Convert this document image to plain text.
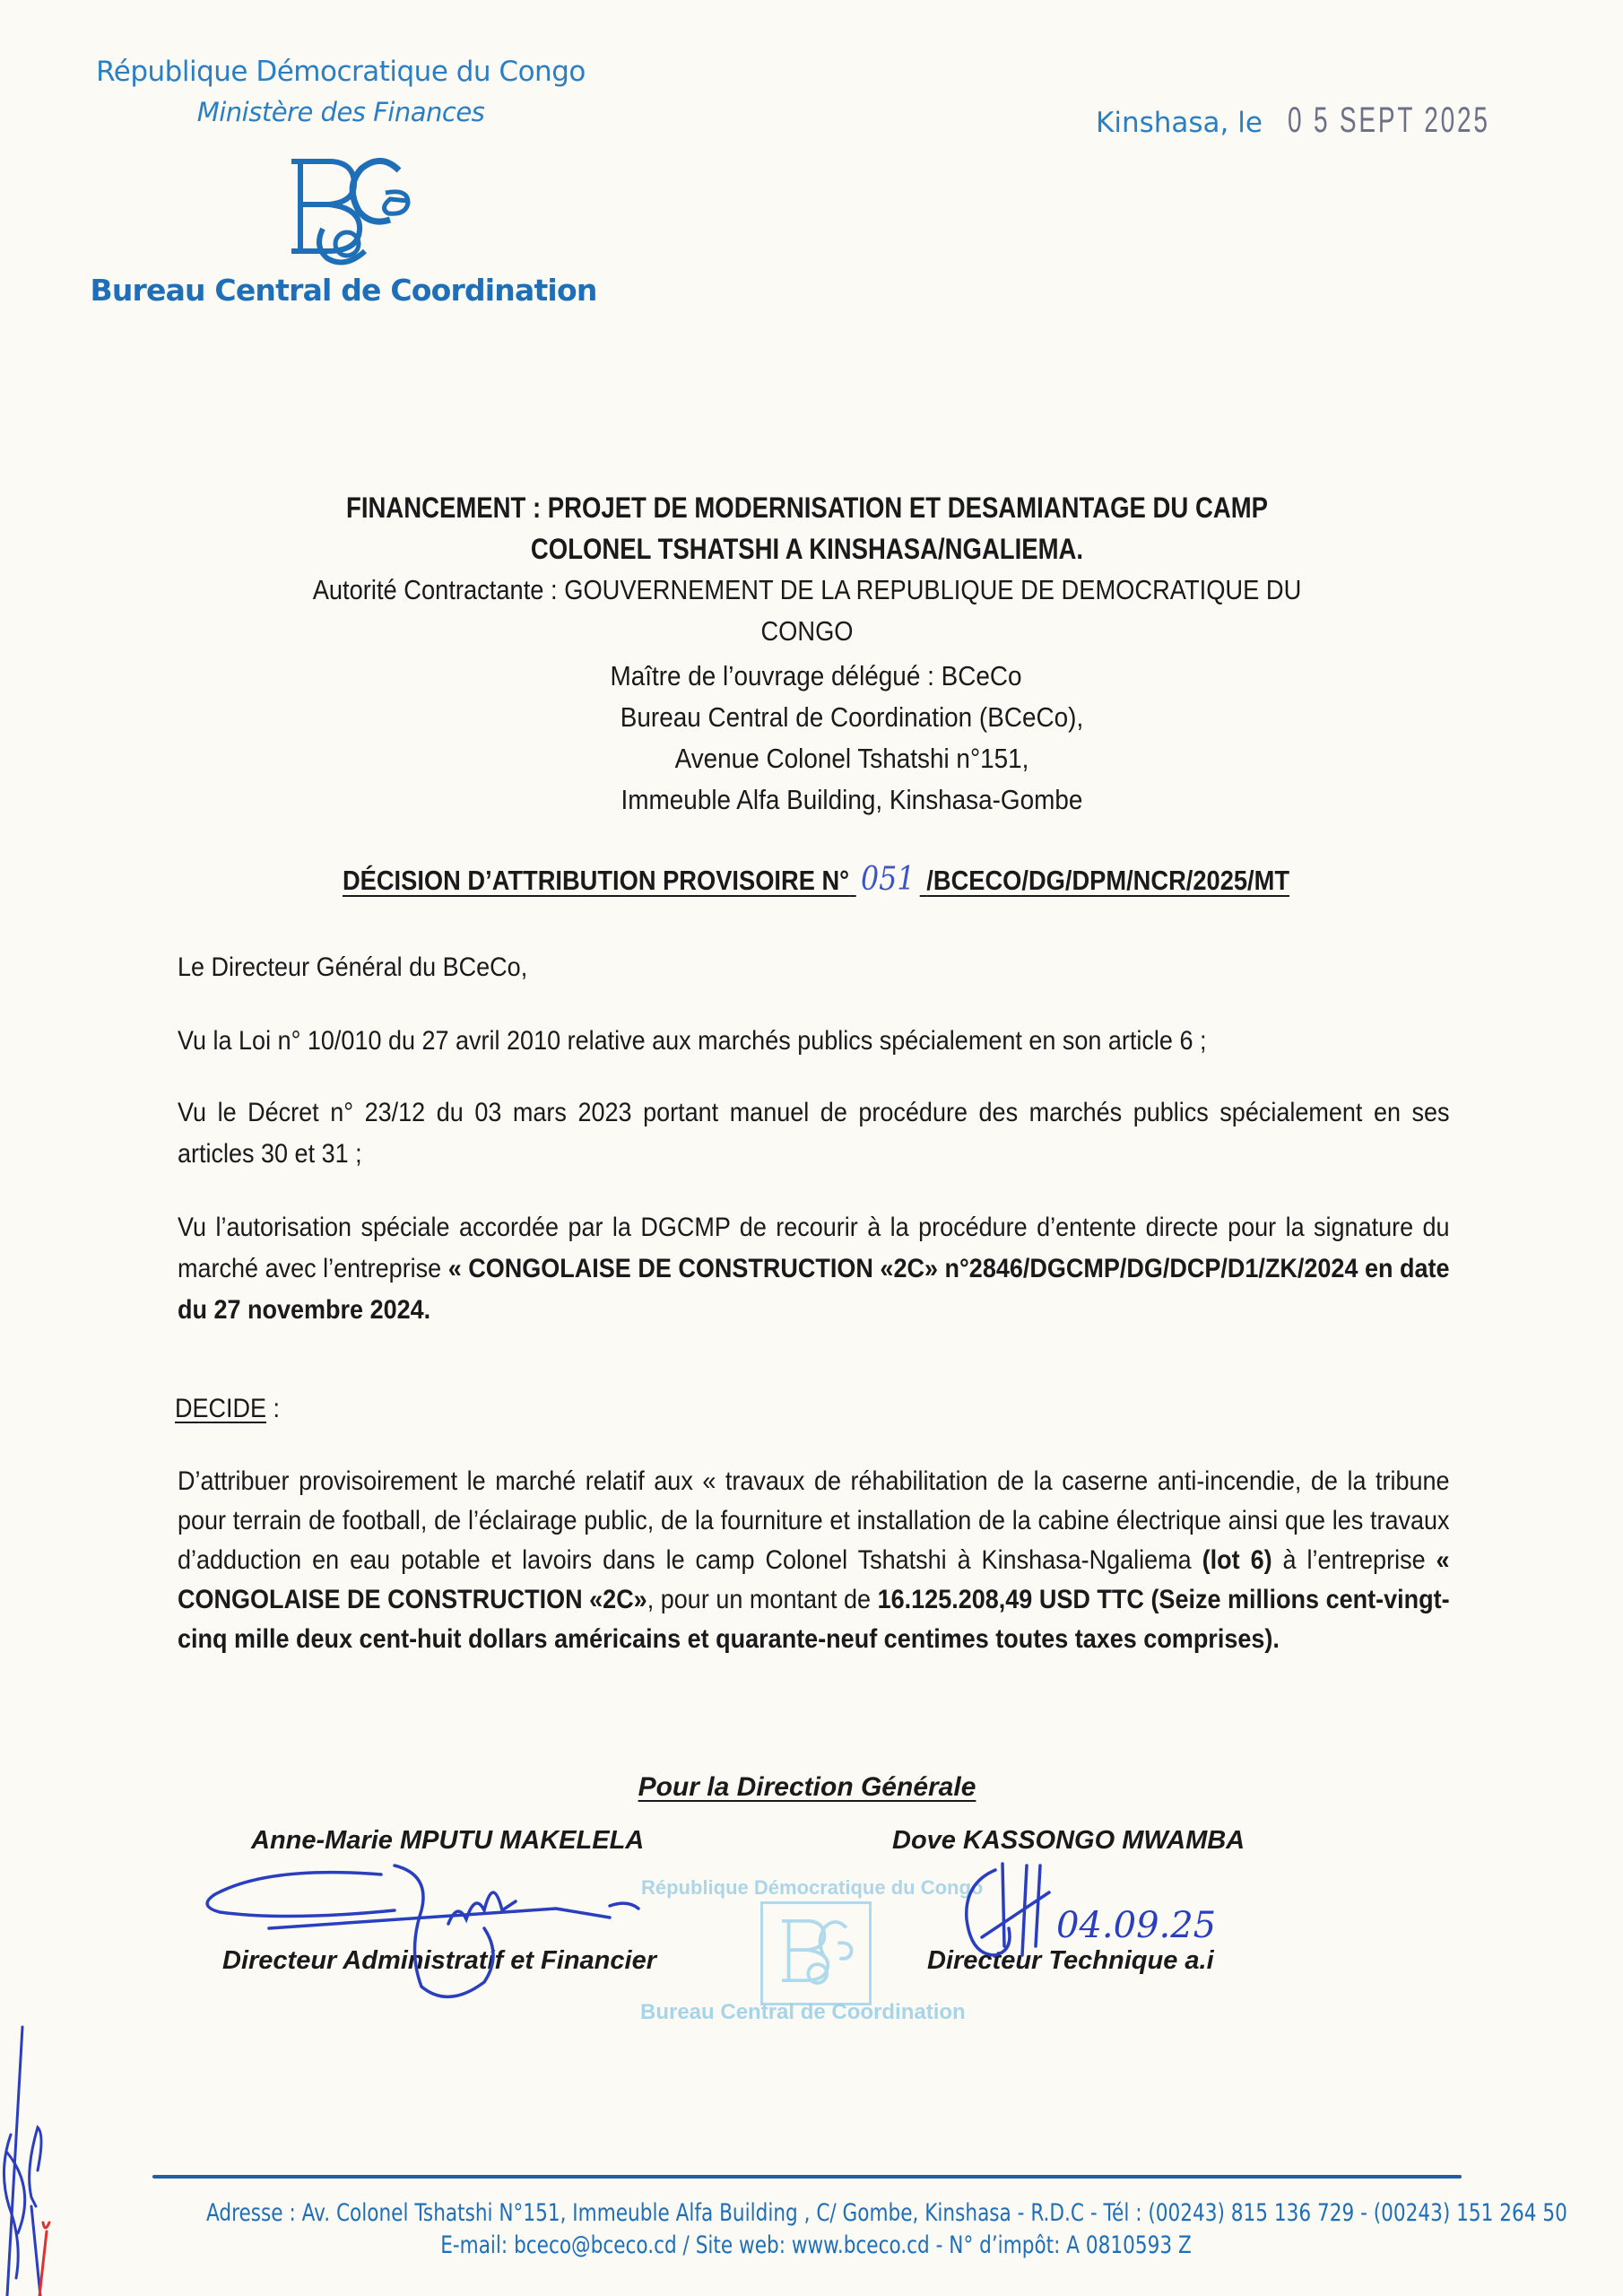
République Démocratique du Congo
Ministère des Finances
Bureau Central de Coordination
Kinshasa, le 0 5 SEPT 2025
FINANCEMENT : PROJET DE MODERNISATION ET DESAMIANTAGE DU CAMP
COLONEL TSHATSHI A KINSHASA/NGALIEMA.
Autorité Contractante : GOUVERNEMENT DE LA REPUBLIQUE DE DEMOCRATIQUE DU
CONGO
Maître de l’ouvrage délégué : BCeCo
Bureau Central de Coordination (BCeCo),
Avenue Colonel Tshatshi n°151,
Immeuble Alfa Building, Kinshasa-Gombe
DÉCISION D’ATTRIBUTION PROVISOIRE N° 051 /BCECO/DG/DPM/NCR/2025/MT
Le Directeur Général du BCeCo,
Vu la Loi n° 10/010 du 27 avril 2010 relative aux marchés publics spécialement en son article 6 ;
Vu le Décret n° 23/12 du 03 mars 2023 portant manuel de procédure des marchés publics spécialement en ses articles 30 et 31 ;
Vu l’autorisation spéciale accordée par la DGCMP de recourir à la procédure d’entente directe pour la signature du marché avec l’entreprise « CONGOLAISE DE CONSTRUCTION «2C» n°2846/DGCMP/DG/DCP/D1/ZK/2024 en date du 27 novembre 2024.
DECIDE :
D’attribuer provisoirement le marché relatif aux « travaux de réhabilitation de la caserne anti-incendie, de la tribune pour terrain de football, de l’éclairage public, de la fourniture et installation de la cabine électrique ainsi que les travaux d’adduction en eau potable et lavoirs dans le camp Colonel Tshatshi à Kinshasa-Ngaliema (lot 6) à l’entreprise « CONGOLAISE DE CONSTRUCTION «2C», pour un montant de 16.125.208,49 USD TTC (Seize millions cent-vingt-cinq mille deux cent-huit dollars américains et quarante-neuf centimes toutes taxes comprises).
Pour la Direction Générale
Anne-Marie MPUTU MAKELELA	Dove KASSONGO MWAMBA
Directeur Administratif et Financier	Directeur Technique a.i
République Démocratique du Congo
Bureau Central de Coordination
04.09.25
Adresse : Av. Colonel Tshatshi N°151, Immeuble Alfa Building , C/ Gombe, Kinshasa - R.D.C - Tél : (00243) 815 136 729 - (00243) 151 264 50
E-mail: bceco@bceco.cd / Site web: www.bceco.cd - N° d’impôt: A 0810593 Z
